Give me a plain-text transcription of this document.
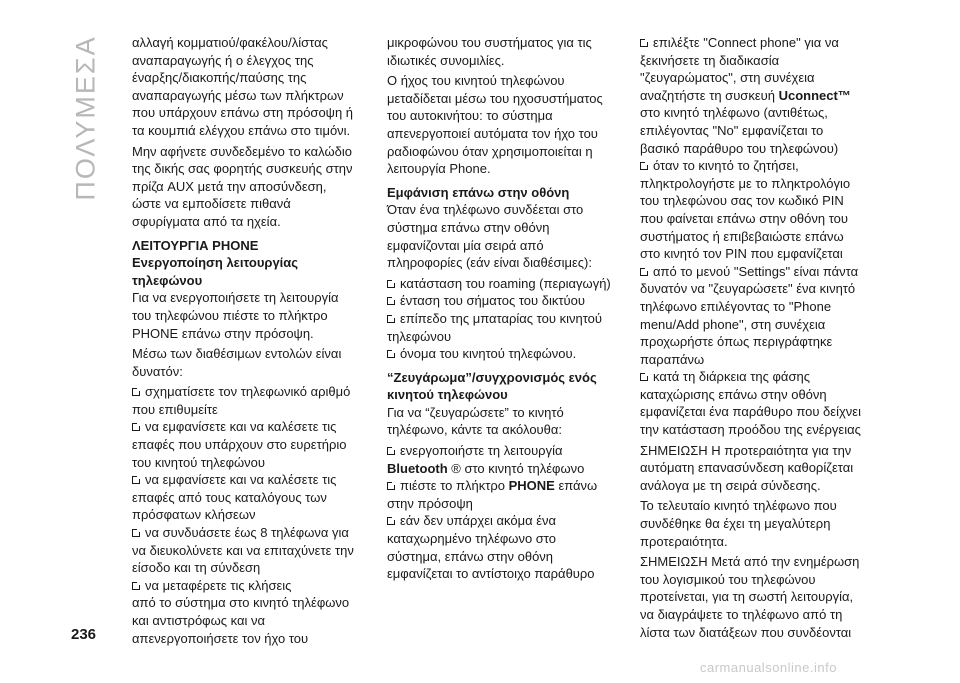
ΠΟΛΥΜΕΣΑ
236

αλλαγή κομματιού/φακέλου/λίστας αναπαραγωγής ή ο έλεγχος της έναρξης/διακοπής/παύσης της αναπαραγωγής μέσω των πλήκτρων που υπάρχουν επάνω στη πρόσοψη ή τα κουμπιά ελέγχου επάνω στο τιμόνι.

Μην αφήνετε συνδεδεμένο το καλώδιο της δικής σας φορητής συσκευής στην πρίζα AUX μετά την αποσύνδεση, ώστε να εμποδίσετε πιθανά σφυρίγματα από τα ηχεία.

ΛΕΙΤΟΥΡΓΙΑ PHONE
Ενεργοποίηση λειτουργίας τηλεφώνου

Για να ενεργοποιήσετε τη λειτουργία του τηλεφώνου πιέστε το πλήκτρο PHONE επάνω στην πρόσοψη.

Μέσω των διαθέσιμων εντολών είναι δυνατόν:

σχηματίσετε τον τηλεφωνικό αριθμό που επιθυμείτε
να εμφανίσετε και να καλέσετε τις επαφές που υπάρχουν στο ευρετήριο του κινητού τηλεφώνου
να εμφανίσετε και να καλέσετε τις επαφές από τους καταλόγους των πρόσφατων κλήσεων
να συνδυάσετε έως 8 τηλέφωνα για να διευκολύνετε και να επιταχύνετε την είσοδο και τη σύνδεση
να μεταφέρετε τις κλήσεις
από το σύστημα στο κινητό τηλέφωνο και αντιστρόφως και να απενεργοποιήσετε τον ήχο του

μικροφώνου του συστήματος για τις ιδιωτικές συνομιλίες.

Ο ήχος του κινητού τηλεφώνου μεταδίδεται μέσω του ηχοσυστήματος του αυτοκινήτου: το σύστημα απενεργοποιεί αυτόματα τον ήχο του ραδιοφώνου όταν χρησιμοποιείται η λειτουργία Phone.

Εμφάνιση επάνω στην οθόνη

Όταν ένα τηλέφωνο συνδέεται στο σύστημα επάνω στην οθόνη εμφανίζονται μία σειρά από πληροφορίες (εάν είναι διαθέσιμες):

κατάσταση του roaming (περιαγωγή)
ένταση του σήματος του δικτύου
επίπεδο της μπαταρίας του κινητού τηλεφώνου
όνομα του κινητού τηλεφώνου.
“Ζευγάρωμα”/συγχρονισμός ενός κινητού τηλεφώνου

Για να “ζευγαρώσετε” το κινητό τηλέφωνο, κάντε τα ακόλουθα:

ενεργοποιήστε τη λειτουργία Bluetooth ® στο κινητό τηλέφωνο
πιέστε το πλήκτρο PHONE επάνω στην πρόσοψη
εάν δεν υπάρχει ακόμα ένα καταχωρημένο τηλέφωνο στο σύστημα, επάνω στην οθόνη εμφανίζεται το αντίστοιχο παράθυρο
επιλέξτε "Connect phone" για να ξεκινήσετε τη διαδικασία "ζευγαρώματος", στη συνέχεια αναζητήστε τη συσκευή Uconnect™ στο κινητό τηλέφωνο (αντιθέτως, επιλέγοντας "No" εμφανίζεται το βασικό παράθυρο του τηλεφώνου)
όταν το κινητό το ζητήσει, πληκτρολογήστε με το πληκτρολόγιο του τηλεφώνου σας τον κωδικό PIN που φαίνεται επάνω στην οθόνη του συστήματος ή επιβεβαιώστε επάνω στο κινητό τον PIN που εμφανίζεται
από το μενού "Settings" είναι πάντα δυνατόν να "ζευγαρώσετε" ένα κινητό τηλέφωνο επιλέγοντας το "Phone menu/Add phone", στη συνέχεια προχωρήστε όπως περιγράφτηκε παραπάνω
κατά τη διάρκεια της φάσης καταχώρισης επάνω στην οθόνη εμφανίζεται ένα παράθυρο που δείχνει την κατάσταση προόδου της ενέργειας

ΣΗΜΕΙΩΣΗ Η προτεραιότητα για την αυτόματη επανασύνδεση καθορίζεται ανάλογα με τη σειρά σύνδεσης.

Το τελευταίο κινητό τηλέφωνο που συνδέθηκε θα έχει τη μεγαλύτερη προτεραιότητα.

ΣΗΜΕΙΩΣΗ Μετά από την ενημέρωση του λογισμικού του τηλεφώνου προτείνεται, για τη σωστή λειτουργία, να διαγράψετε το τηλέφωνο από τη λίστα των διατάξεων που συνδέονται

carmanualsonline.info
